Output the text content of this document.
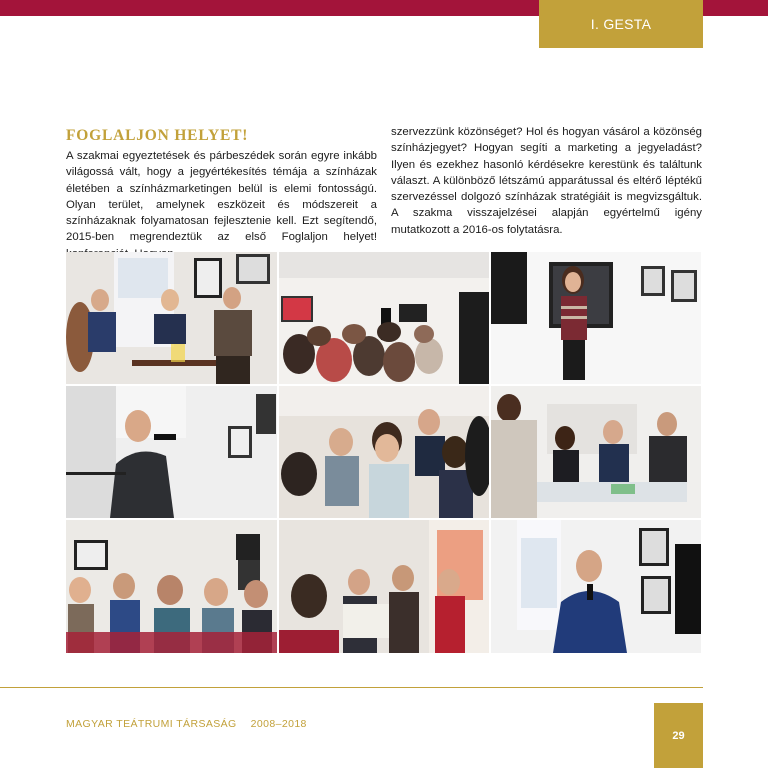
I. GESTA
FOGLALJON HELYET!
A szakmai egyeztetések és párbeszédek során egyre inkább világossá vált, hogy a jegyértékesítés témája a színházak életében a színházmarketingen belül is elemi fontosságú. Olyan terület, amelynek eszközeit és módszereit a színházaknak folyamatosan fejlesztenie kell. Ezt segítendő, 2015-ben megrendeztük az első Foglaljon helyet!
szervezzünk közönséget? Hol és hogyan vásárol a közönség színházjegyet? Hogyan segíti a marketing a jegyeladást? Ilyen és ezekhez hasonló kérdésekre kerestünk és találtunk választ. A különböző létszámú apparátussal és eltérő léptékű szervezéssel dolgozó színházak stratégiáit is megvizsgáltuk. A szakma visszajelzései alapján egyértelmű igény mutatkozott a 2016-os folytatásra.
MAGYAR TEÁTRUMI TÁRSASÁG 2008–2018
29
